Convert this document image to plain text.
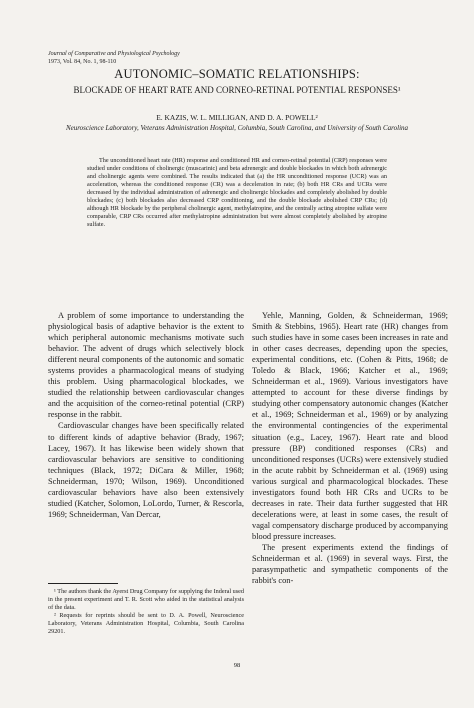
Journal of Comparative and Physiological Psychology
1973, Vol. 84, No. 1, 98-110
AUTONOMIC–SOMATIC RELATIONSHIPS:
BLOCKADE OF HEART RATE AND CORNEO-RETINAL POTENTIAL RESPONSES¹
E. KAZIS, W. L. MILLIGAN, AND D. A. POWELL²
Neuroscience Laboratory, Veterans Administration Hospital, Columbia, South Carolina, and University of South Carolina
The unconditioned heart rate (HR) response and conditioned HR and corneo-retinal potential (CRP) responses were studied under conditions of cholinergic (muscarinic) and beta adrenergic and double blockades in which both adrenergic and cholinergic agents were combined. The results indicated that (a) the HR unconditioned response (UCR) was an acceleration, whereas the conditioned response (CR) was a deceleration in rate; (b) both HR CRs and UCRs were decreased by the individual administration of adrenergic and cholinergic blockades and completely abolished by double blockades; (c) both blockades also decreased CRP conditioning, and the double blockade abolished CRP CRs; (d) although HR blockade by the peripheral cholinergic agent, methylatropine, and the centrally acting atropine sulfate were comparable, CRP CRs occurred after methylatropine administration but were almost completely abolished by atropine sulfate.

A problem of some importance to understanding the physiological basis of adaptive behavior is the extent to which peripheral autonomic mechanisms motivate such behavior. The advent of drugs which selectively block different neural components of the autonomic and somatic systems provides a pharmacological means of studying this problem. Using pharmacological blockades, we studied the relationship between cardiovascular changes and the acquisition of the corneo-retinal potential (CRP) response in the rabbit.

Cardiovascular changes have been specifically related to different kinds of adaptive behavior (Brady, 1967; Lacey, 1967). It has likewise been widely shown that cardiovascular behaviors are sensitive to conditioning techniques (Black, 1972; DiCara & Miller, 1968; Schneiderman, 1970; Wilson, 1969). Unconditioned cardiovascular behaviors have also been extensively studied (Katcher, Solomon, LoLordo, Turner, & Rescorla, 1969; Schneiderman, Van Dercar,

Yehle, Manning, Golden, & Schneiderman, 1969; Smith & Stebbins, 1965). Heart rate (HR) changes from such studies have in some cases been increases in rate and in other cases decreases, depending upon the species, experimental conditions, etc. (Cohen & Pitts, 1968; de Toledo & Black, 1966; Katcher et al., 1969; Schneiderman et al., 1969). Various investigators have attempted to account for these diverse findings by studying other compensatory autonomic changes (Katcher et al., 1969; Schneiderman et al., 1969) or by analyzing the environmental contingencies of the experimental situation (e.g., Lacey, 1967). Heart rate and blood pressure (BP) conditioned responses (CRs) and unconditioned responses (UCRs) were extensively studied in the acute rabbit by Schneiderman et al. (1969) using various surgical and pharmacological blockades. These investigators found both HR CRs and UCRs to be decreases in rate. Their data further suggested that HR decelerations were, at least in some cases, the result of vagal compensatory discharge produced by accompanying blood pressure increases.

The present experiments extend the findings of Schneiderman et al. (1969) in several ways. First, the parasympathetic and sympathetic components of the rabbit's con-

¹ The authors thank the Ayerst Drug Company for supplying the Inderal used in the present experiment and T. R. Scott who aided in the statistical analysis of the data.

² Requests for reprints should be sent to D. A. Powell, Neuroscience Laboratory, Veterans Administration Hospital, Columbia, South Carolina 29201.

98
